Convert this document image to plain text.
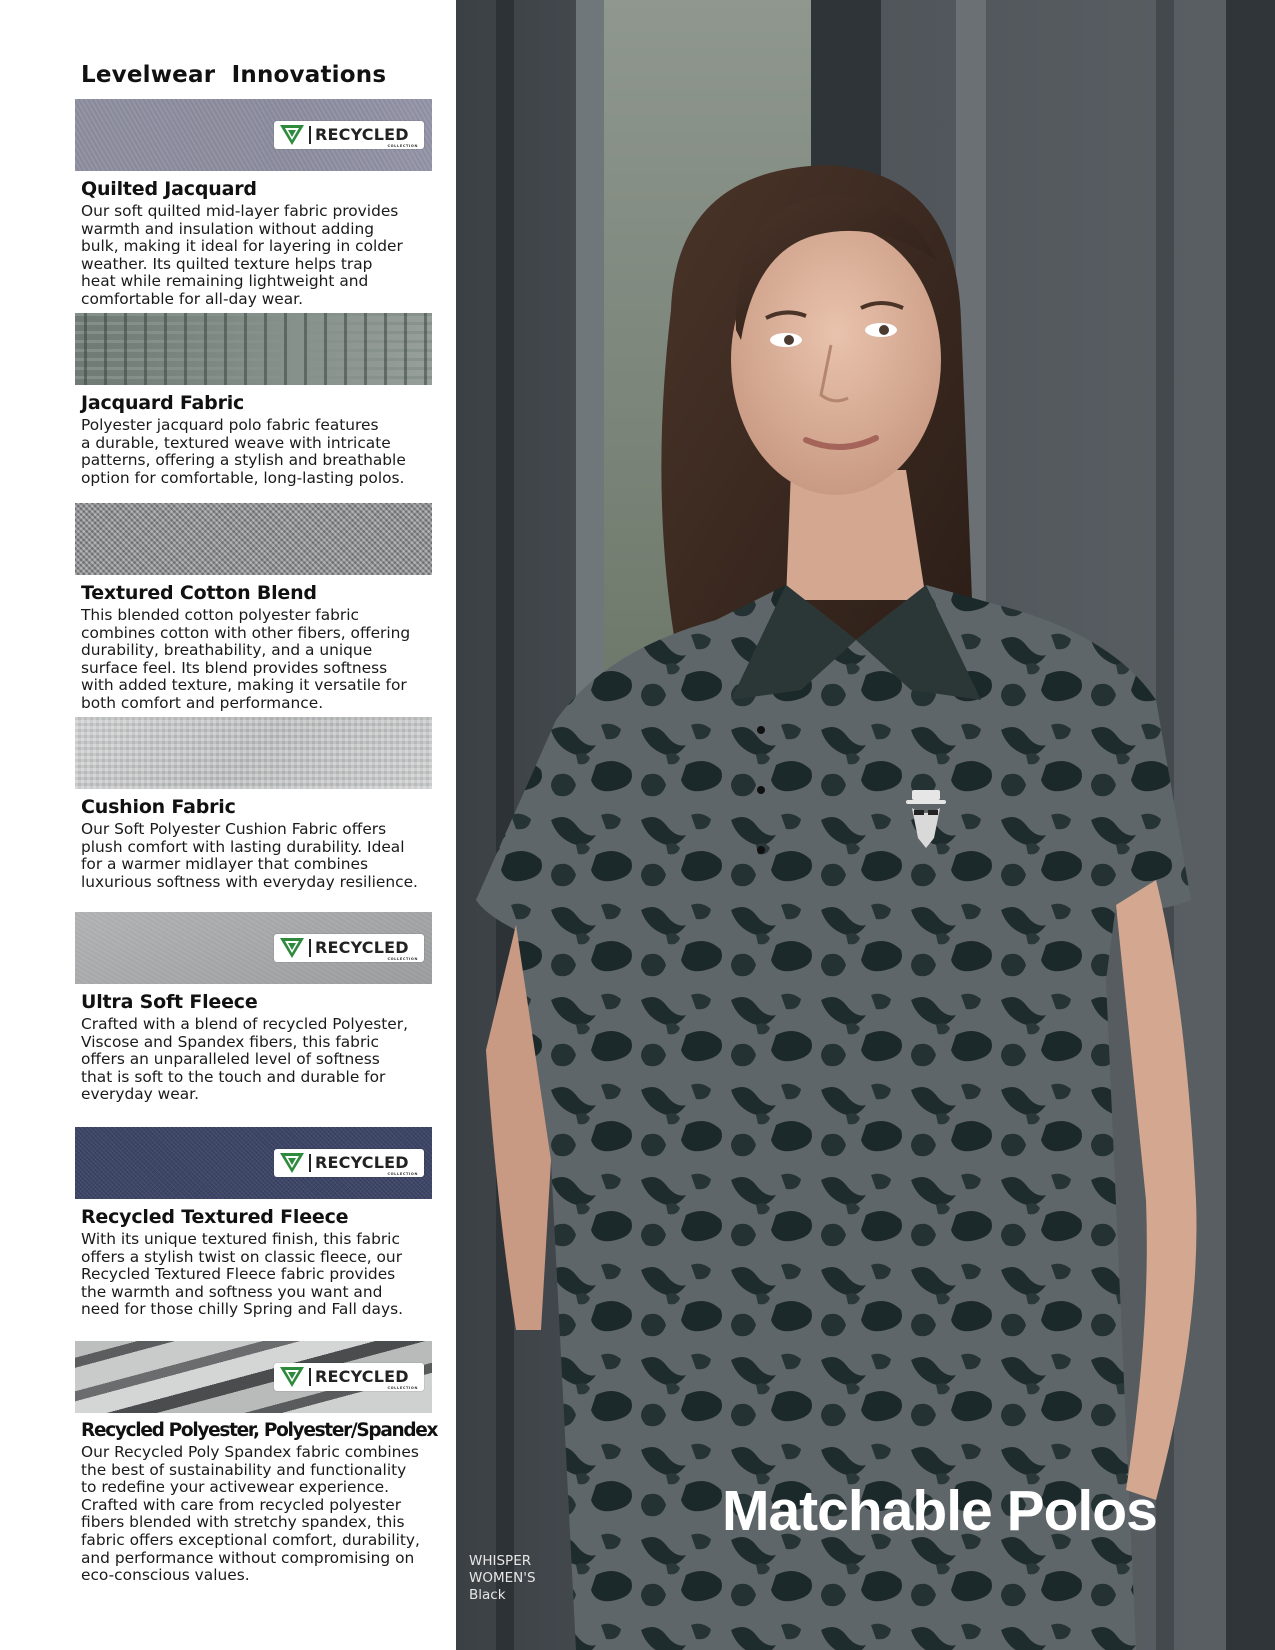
Levelwear  Innovations
RECYCLED
COLLECTION
Quilted Jacquard
Our soft quilted mid-layer fabric provides
warmth and insulation without adding
bulk, making it ideal for layering in colder
weather. Its quilted texture helps trap
heat while remaining lightweight and
comfortable for all-day wear.
Jacquard Fabric
Polyester jacquard polo fabric features
a durable, textured weave with intricate
patterns, offering a stylish and breathable
option for comfortable, long-lasting polos.
Textured Cotton Blend
This blended cotton polyester fabric
combines cotton with other fibers, offering
durability, breathability, and a unique
surface feel. Its blend provides softness
with added texture, making it versatile for
both comfort and performance.
Cushion Fabric
Our Soft Polyester Cushion Fabric offers
plush comfort with lasting durability. Ideal
for a warmer midlayer that combines
luxurious softness with everyday resilience.
RECYCLED
COLLECTION
Ultra Soft Fleece
Crafted with a blend of recycled Polyester,
Viscose and Spandex fibers, this fabric
offers an unparalleled level of softness
that is soft to the touch and durable for
everyday wear.
RECYCLED
COLLECTION
Recycled Textured Fleece
With its unique textured finish, this fabric
offers a stylish twist on classic fleece, our
Recycled Textured Fleece fabric provides
the warmth and softness you want and
need for those chilly Spring and Fall days.
RECYCLED
COLLECTION
Recycled Polyester, Polyester/Spandex
Our Recycled Poly Spandex fabric combines
the best of sustainability and functionality
to redefine your activewear experience.
Crafted with care from recycled polyester
fibers blended with stretchy spandex, this
fabric offers exceptional comfort, durability,
and performance without compromising on
eco-conscious values.
Matchable Polos
WHISPER
WOMEN'S
Black
